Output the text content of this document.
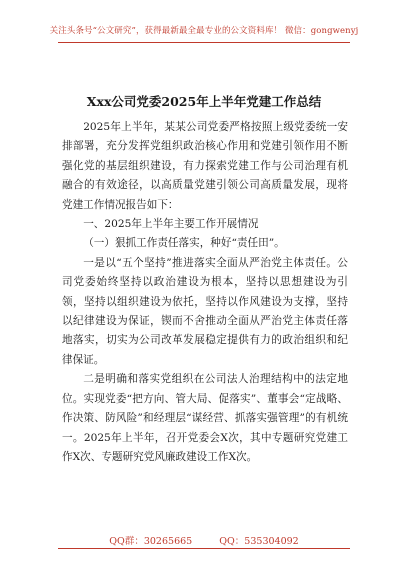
关注头条号“公文研究”，获得最新最全最专业的公文资料库！ 微信：gongwenyj
Xxx公司党委2025年上半年党建工作总结

2025年上半年，某某公司党委严格按照上级党委统一安排部署，充分发挥党组织政治核心作用和党建引领作用不断强化党的基层组织建设，有力探索党建工作与公司治理有机融合的有效途径，以高质量党建引领公司高质量发展，现将党建工作情况报告如下：

一、2025年上半年主要工作开展情况

（一）狠抓工作责任落实，种好“责任田”。

一是以“五个坚持”推进落实全面从严治党主体责任。公司党委始终坚持以政治建设为根本，坚持以思想建设为引领，坚持以组织建设为依托，坚持以作风建设为支撑，坚持以纪律建设为保证，锲而不舍推动全面从严治党主体责任落地落实，切实为公司改革发展稳定提供有力的政治组织和纪律保证。

二是明确和落实党组织在公司法人治理结构中的法定地位。实现党委“把方向、管大局、促落实”、董事会“定战略、作决策、防风险”和经理层“谋经营、抓落实强管理”的有机统一。2025年上半年，召开党委会X次，其中专题研究党建工作X次、专题研究党风廉政建设工作X次。

QQ群：30265665	QQ：535304092
